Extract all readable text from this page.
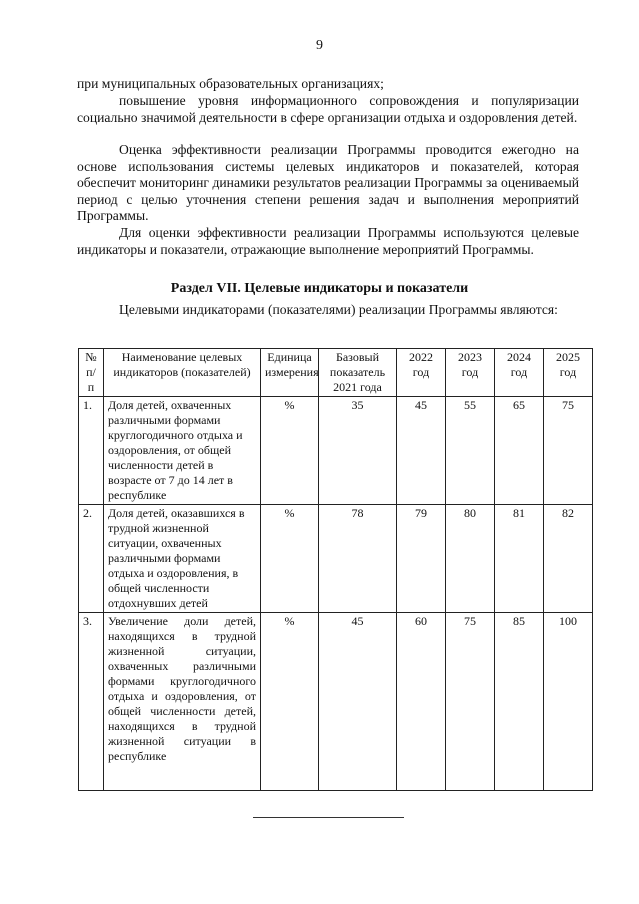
9
при муниципальных образовательных организациях;
повышение уровня информационного сопровождения и популяризации социально значимой деятельности в сфере организации отдыха и оздоровления детей.
Оценка эффективности реализации Программы проводится ежегодно на основе использования системы целевых индикаторов и показателей, которая обеспечит мониторинг динамики результатов реализации Программы за оцениваемый период с целью уточнения степени решения задач и выполнения мероприятий Программы.
Для оценки эффективности реализации Программы используются целевые индикаторы и показатели, отражающие выполнение мероприятий Программы.
Раздел VII. Целевые индикаторы и показатели
Целевыми индикаторами (показателями) реализации Программы являются:
№ п/п	Наименование целевых индикаторов (показателей)	Единица измерения	Базовый показатель 2021 года	2022 год	2023 год	2024 год	2025 год
1.	Доля детей, охваченных различными формами круглогодичного отдыха и оздоровления, от общей численности детей в возрасте от 7 до 14 лет в республике	%	35	45	55	65	75
2.	Доля детей, оказавшихся в трудной жизненной ситуации, охваченных различными формами отдыха и оздоровления, в общей численности отдохнувших детей	%	78	79	80	81	82
3.	Увеличение доли детей, находящихся в трудной жизненной ситуации, охваченных различными формами круглогодичного отдыха и оздоровления, от общей численности детей, находящихся в трудной жизненной ситуации в республике	%	45	60	75	85	100
